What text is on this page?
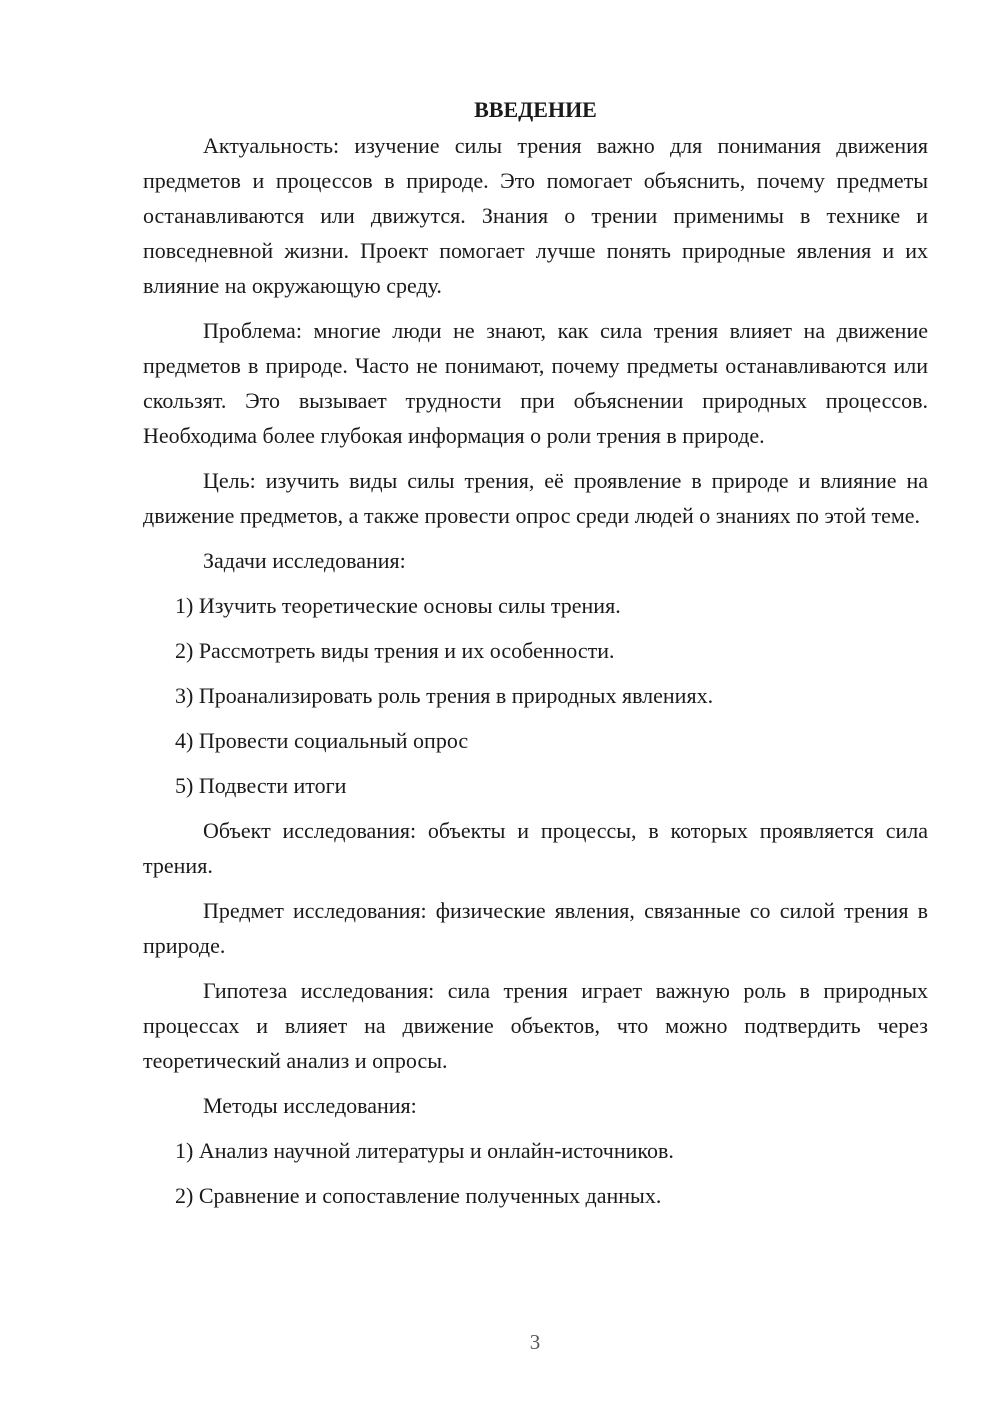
ВВЕДЕНИЕ

Актуальность: изучение силы трения важно для понимания движения предметов и процессов в природе. Это помогает объяснить, почему предметы останавливаются или движутся. Знания о трении применимы в технике и повседневной жизни. Проект помогает лучше понять природные явления и их влияние на окружающую среду.

Проблема: многие люди не знают, как сила трения влияет на движение предметов в природе. Часто не понимают, почему предметы останавливаются или скользят. Это вызывает трудности при объяснении природных процессов. Необходима более глубокая информация о роли трения в природе.

Цель: изучить виды силы трения, её проявление в природе и влияние на движение предметов, а также провести опрос среди людей о знаниях по этой теме.

Задачи исследования:

1) Изучить теоретические основы силы трения.
2) Рассмотреть виды трения и их особенности.
3) Проанализировать роль трения в природных явлениях.
4) Провести социальный опрос
5) Подвести итоги

Объект исследования: объекты и процессы, в которых проявляется сила трения.

Предмет исследования: физические явления, связанные со силой трения в природе.

Гипотеза исследования: сила трения играет важную роль в природных процессах и влияет на движение объектов, что можно подтвердить через теоретический анализ и опросы.

Методы исследования:

1) Анализ научной литературы и онлайн-источников.
2) Сравнение и сопоставление полученных данных.
3
